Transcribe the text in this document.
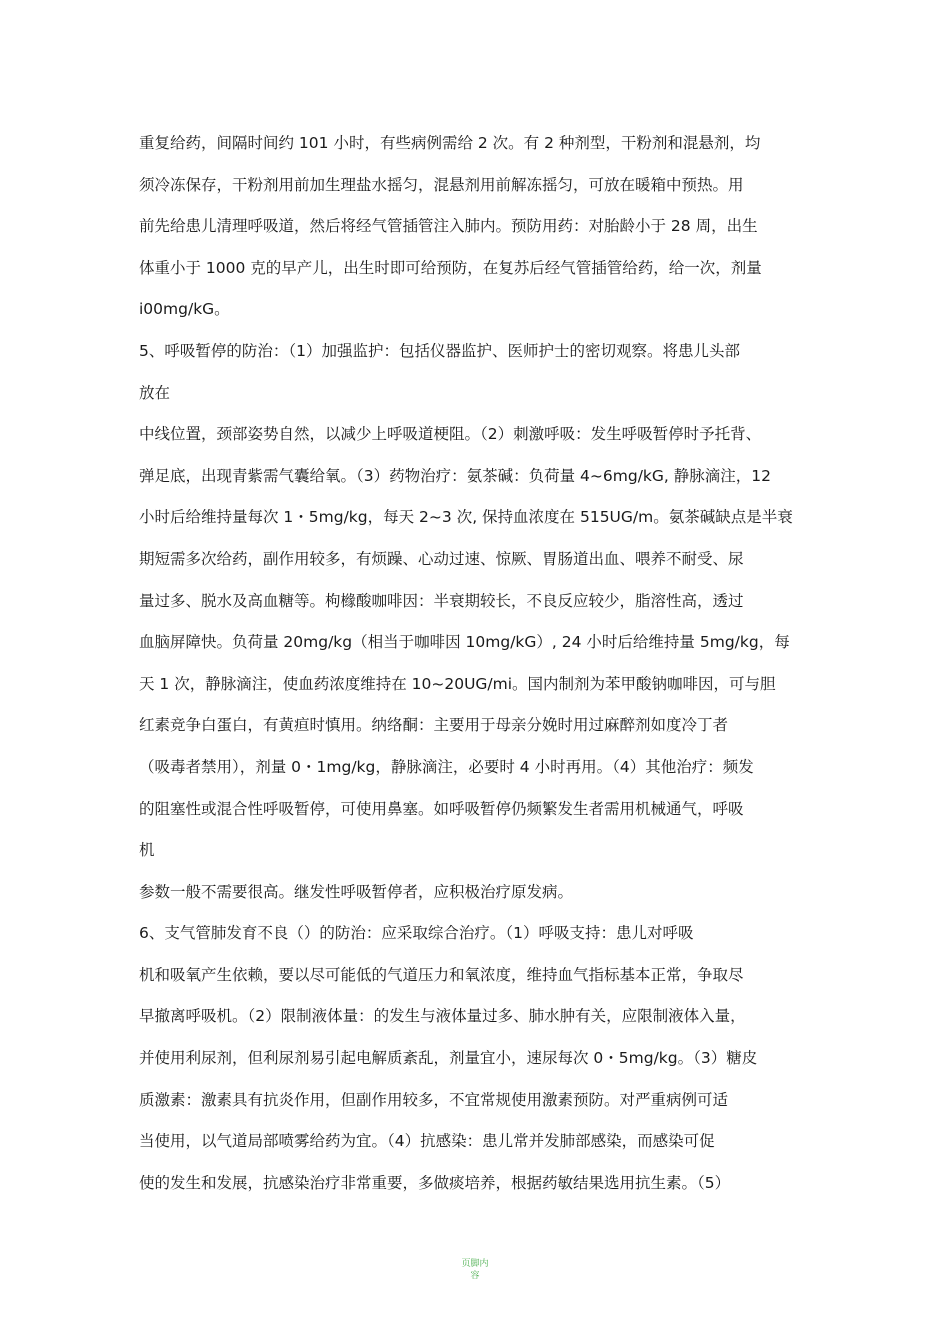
重复给药，间隔时间约 101 小时，有些病例需给 2 次。有 2 种剂型，干粉剂和混悬剂，均
须冷冻保存，干粉剂用前加生理盐水摇匀，混悬剂用前解冻摇匀，可放在暖箱中预热。用
前先给患儿清理呼吸道，然后将经气管插管注入肺内。预防用药：对胎龄小于 28 周，出生
体重小于 1000 克的早产儿，出生时即可给预防，在复苏后经气管插管给药，给一次，剂量
i00mg/kG。
5、呼吸暂停的防治：（1）加强监护：包括仪器监护、医师护士的密切观察。将患儿头部
放在
中线位置，颈部姿势自然，以减少上呼吸道梗阻。（2）刺激呼吸：发生呼吸暂停时予托背、
弹足底，出现青紫需气囊给氧。（3）药物治疗：氨茶碱：负荷量 4~6mg/kG, 静脉滴注，12
小时后给维持量每次 1・5mg/kg，每天 2~3 次, 保持血浓度在 515UG/m。氨茶碱缺点是半衰
期短需多次给药，副作用较多，有烦躁、心动过速、惊厥、胃肠道出血、喂养不耐受、尿
量过多、脱水及高血糖等。枸橼酸咖啡因：半衰期较长，不良反应较少，脂溶性高，透过
血脑屏障快。负荷量 20mg/kg（相当于咖啡因 10mg/kG）, 24 小时后给维持量 5mg/kg，每
天 1 次，静脉滴注，使血药浓度维持在 10~20UG/mi。国内制剂为苯甲酸钠咖啡因，可与胆
红素竞争白蛋白，有黄疸时慎用。纳络酮：主要用于母亲分娩时用过麻醉剂如度冷丁者
（吸毒者禁用），剂量 0・1mg/kg，静脉滴注，必要时 4 小时再用。（4）其他治疗：频发
的阻塞性或混合性呼吸暂停，可使用鼻塞。如呼吸暂停仍频繁发生者需用机械通气，呼吸
机
参数一般不需要很高。继发性呼吸暂停者，应积极治疗原发病。
6、支气管肺发育不良（）的防治：应采取综合治疗。（1）呼吸支持：患儿对呼吸
机和吸氧产生依赖，要以尽可能低的气道压力和氧浓度，维持血气指标基本正常，争取尽
早撤离呼吸机。（2）限制液体量：的发生与液体量过多、肺水肿有关，应限制液体入量，
并使用利尿剂，但利尿剂易引起电解质紊乱，剂量宜小，速尿每次 0・5mg/kg。（3）糖皮
质激素：激素具有抗炎作用，但副作用较多，不宜常规使用激素预防。对严重病例可适
当使用，以气道局部喷雾给药为宜。（4）抗感染：患儿常并发肺部感染，而感染可促
使的发生和发展，抗感染治疗非常重要，多做痰培养，根据药敏结果选用抗生素。（5）
页脚内
容
